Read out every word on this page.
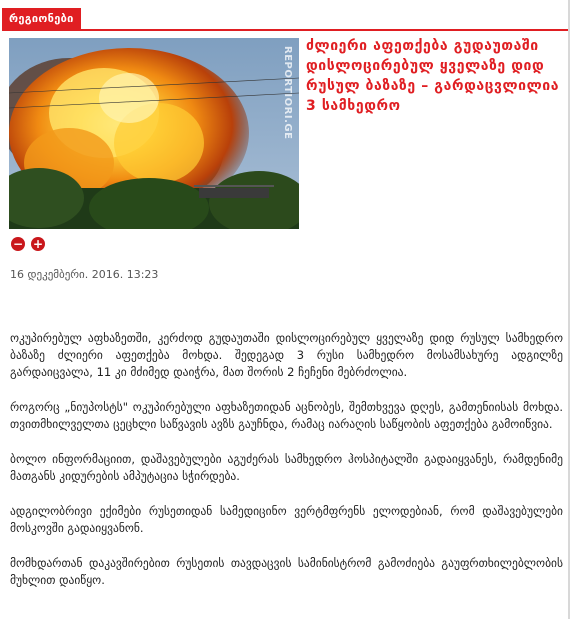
რეგიონები
REPORTIORI.GE ძლიერი აფეთქება გუდაუთაში დისლოცირებულ ყველაზე დიდ რუსულ ბაზაზე – გარდაცვლილია 3 სამხედრო
− +
16 დეკემბერი. 2016. 13:23

ოკუპირებულ აფხაზეთში, კერძოდ გუდაუთაში დისლოცირებულ ყველაზე დიდ რუსულ სამხედრო ბაზაზე ძლიერი აფეთქება მოხდა. შედეგად 3 რუსი სამხედრო მოსამსახურე ადგილზე გარდაიცვალა, 11 კი მძიმედ დაიჭრა, მათ შორის 2 ჩეჩენი მებრძოლია.

როგორც „ნიუპოსტს" ოკუპირებული აფხაზეთიდან აცნობეს, შემთხვევა დღეს, გამთენიისას მოხდა. თვითმხილველთა ცეცხლი საწვავის ავზს გაუჩნდა, რამაც იარაღის საწყობის აფეთქება გამოიწვია.

ბოლო ინფორმაციით, დაშავებულები აგუძერას სამხედრო ჰოსპიტალში გადაიყვანეს, რამდენიმე მათგანს კიდურების ამპუტაცია სჭირდება.

ადგილობრივი ექიმები რუსეთიდან სამედიცინო ვერტმფრენს ელოდებიან, რომ დაშავებულები მოსკოვში გადაიყვანონ.

მომხდართან დაკავშირებით რუსეთის თავდაცვის სამინისტრომ გამოძიება გაუფრთხილებლობის მუხლით დაიწყო.
